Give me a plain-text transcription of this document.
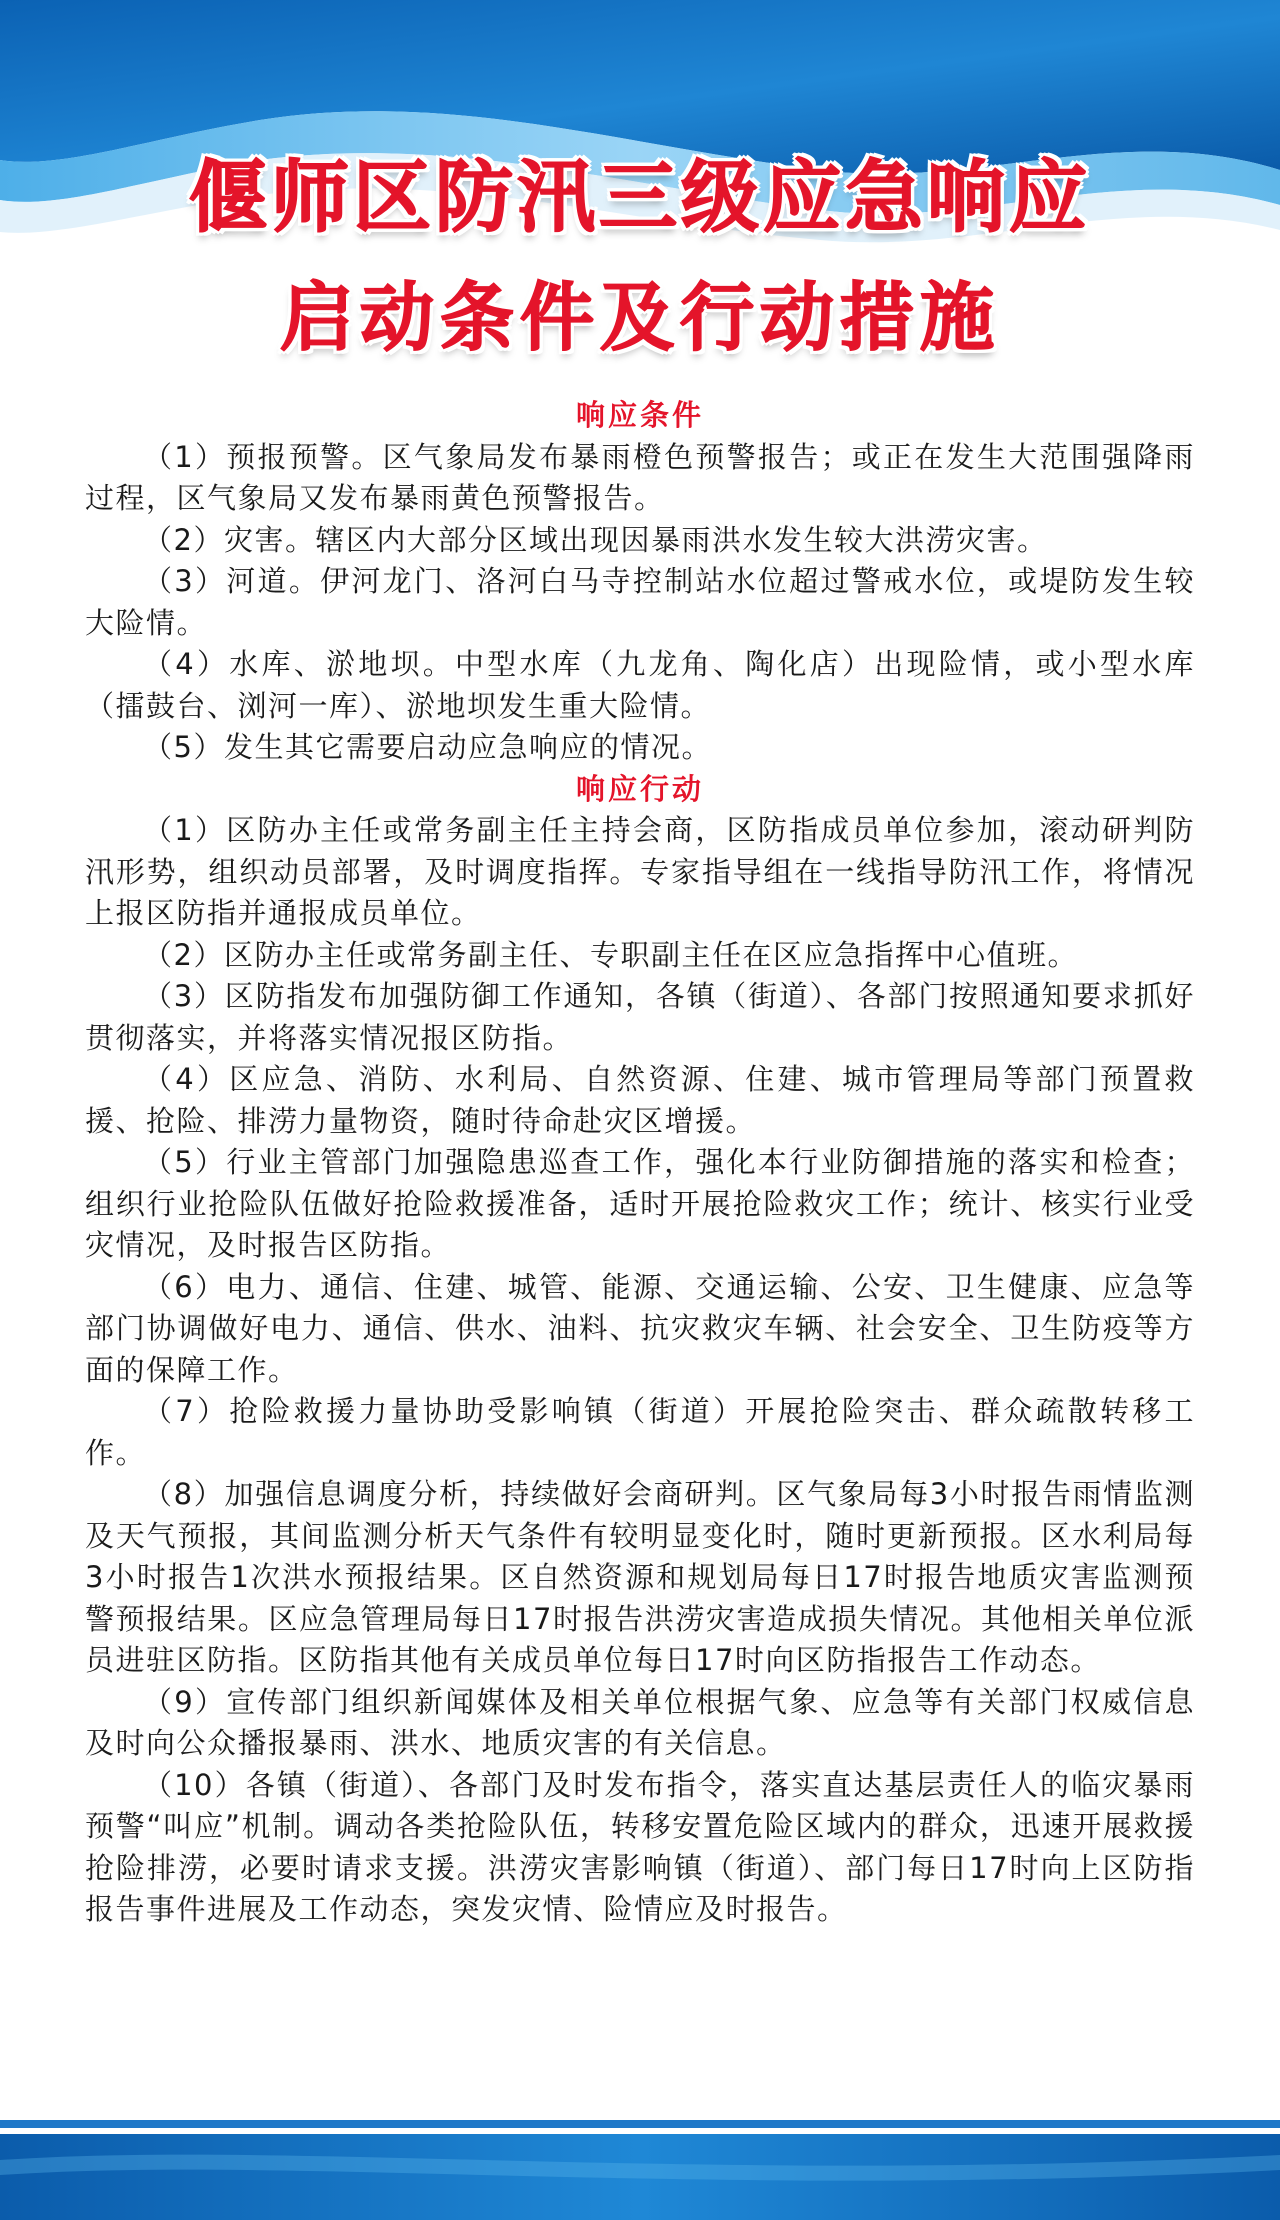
偃师区防汛三级应急响应
启动条件及行动措施
响应条件

（1）预报预警。区气象局发布暴雨橙色预警报告；或正在发生大范围强降雨过程，区气象局又发布暴雨黄色预警报告。

（2）灾害。辖区内大部分区域出现因暴雨洪水发生较大洪涝灾害。

（3）河道。伊河龙门、洛河白马寺控制站水位超过警戒水位，或堤防发生较大险情。

（4）水库、淤地坝。中型水库（九龙角、陶化店）出现险情，或小型水库（擂鼓台、浏河一库）、淤地坝发生重大险情。

（5）发生其它需要启动应急响应的情况。

响应行动

（1）区防办主任或常务副主任主持会商，区防指成员单位参加，滚动研判防汛形势，组织动员部署，及时调度指挥。专家指导组在一线指导防汛工作，将情况上报区防指并通报成员单位。

（2）区防办主任或常务副主任、专职副主任在区应急指挥中心值班。

（3）区防指发布加强防御工作通知，各镇（街道）、各部门按照通知要求抓好贯彻落实，并将落实情况报区防指。

（4）区应急、消防、水利局、自然资源、住建、城市管理局等部门预置救援、抢险、排涝力量物资，随时待命赴灾区增援。

（5）行业主管部门加强隐患巡查工作，强化本行业防御措施的落实和检查；组织行业抢险队伍做好抢险救援准备，适时开展抢险救灾工作；统计、核实行业受灾情况，及时报告区防指。

（6）电力、通信、住建、城管、能源、交通运输、公安、卫生健康、应急等部门协调做好电力、通信、供水、油料、抗灾救灾车辆、社会安全、卫生防疫等方面的保障工作。

（7）抢险救援力量协助受影响镇（街道）开展抢险突击、群众疏散转移工作。

（8）加强信息调度分析，持续做好会商研判。区气象局每3小时报告雨情监测及天气预报，其间监测分析天气条件有较明显变化时，随时更新预报。区水利局每3小时报告1次洪水预报结果。区自然资源和规划局每日17时报告地质灾害监测预警预报结果。区应急管理局每日17时报告洪涝灾害造成损失情况。其他相关单位派员进驻区防指。区防指其他有关成员单位每日17时向区防指报告工作动态。

（9）宣传部门组织新闻媒体及相关单位根据气象、应急等有关部门权威信息及时向公众播报暴雨、洪水、地质灾害的有关信息。

（10）各镇（街道）、各部门及时发布指令，落实直达基层责任人的临灾暴雨预警“叫应”机制。调动各类抢险队伍，转移安置危险区域内的群众，迅速开展救援抢险排涝，必要时请求支援。洪涝灾害影响镇（街道）、部门每日17时向上区防指报告事件进展及工作动态，突发灾情、险情应及时报告。
